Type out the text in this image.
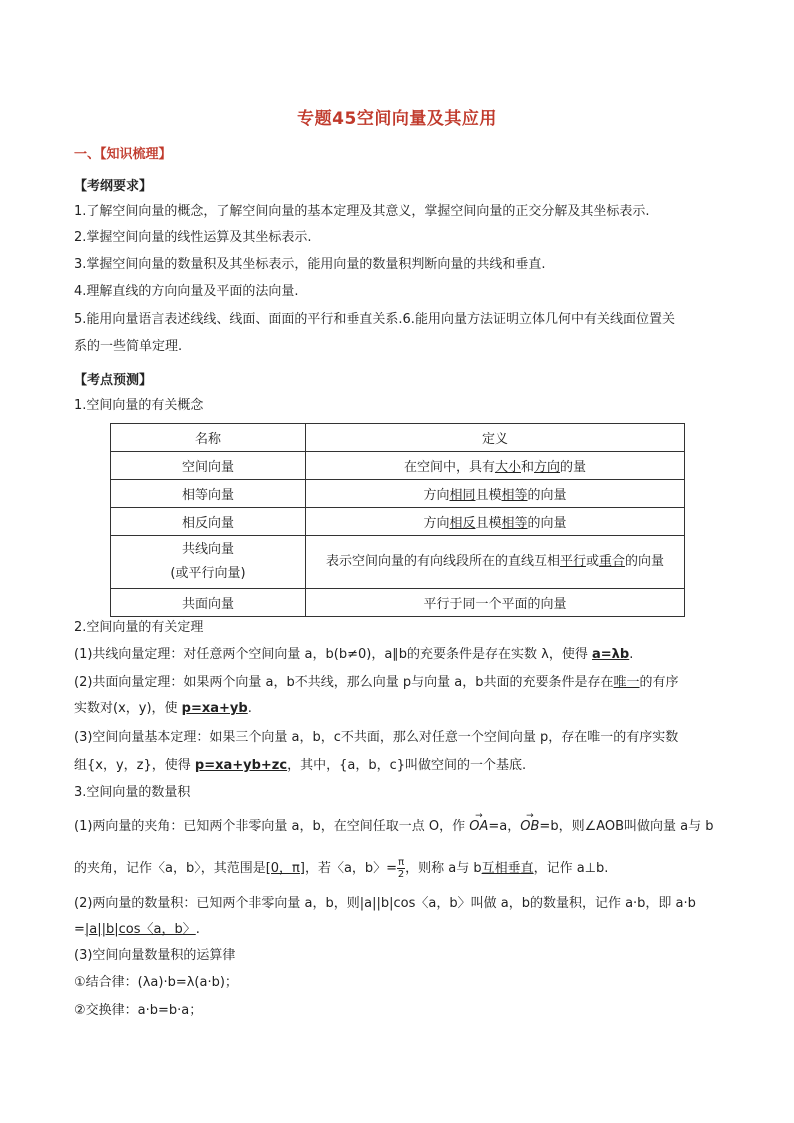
专题45空间向量及其应用
一、【知识梳理】
【考纲要求】
1.了解空间向量的概念，了解空间向量的基本定理及其意义，掌握空间向量的正交分解及其坐标表示.
2.掌握空间向量的线性运算及其坐标表示.
3.掌握空间向量的数量积及其坐标表示，能用向量的数量积判断向量的共线和垂直.
4.理解直线的方向向量及平面的法向量.
5.能用向量语言表述线线、线面、面面的平行和垂直关系.6.能用向量方法证明立体几何中有关线面位置关
系的一些简单定理.
【考点预测】
1.空间向量的有关概念
名称	定义
空间向量	在空间中，具有大小和方向的量
相等向量	方向相同且模相等的向量
相反向量	方向相反且模相等的向量
共线向量
(或平行向量)	表示空间向量的有向线段所在的直线互相平行或重合的向量
共面向量	平行于同一个平面的向量
2.空间向量的有关定理
(1)共线向量定理：对任意两个空间向量 a，b(b≠0)，a∥b的充要条件是存在实数 λ，使得 a=λb.
(2)共面向量定理：如果两个向量 a，b不共线，那么向量 p与向量 a，b共面的充要条件是存在唯一的有序
实数对(x，y)，使 p=xa+yb.
(3)空间向量基本定理：如果三个向量 a，b，c不共面，那么对任意一个空间向量 p，存在唯一的有序实数
组{x，y，z}，使得 p=xa+yb+zc，其中，{a，b，c}叫做空间的一个基底.
3.空间向量的数量积
(1)两向量的夹角：已知两个非零向量 a，b，在空间任取一点 O，作 → OA=a，→ OB=b，则∠AOB叫做向量 a与 b
的夹角，记作〈a，b〉，其范围是[0，π]，若〈a，b〉= $\frac{\pi}{2}$ ，则称 a与 b互相垂直，记作 a⊥b.
(2)两向量的数量积：已知两个非零向量 a，b，则|a||b|cos〈a，b〉叫做 a，b的数量积，记作 a·b，即 a·b
=|a||b|cos〈a，b〉.
(3)空间向量数量积的运算律
①结合律：(λa)·b=λ(a·b)；
②交换律：a·b=b·a；
